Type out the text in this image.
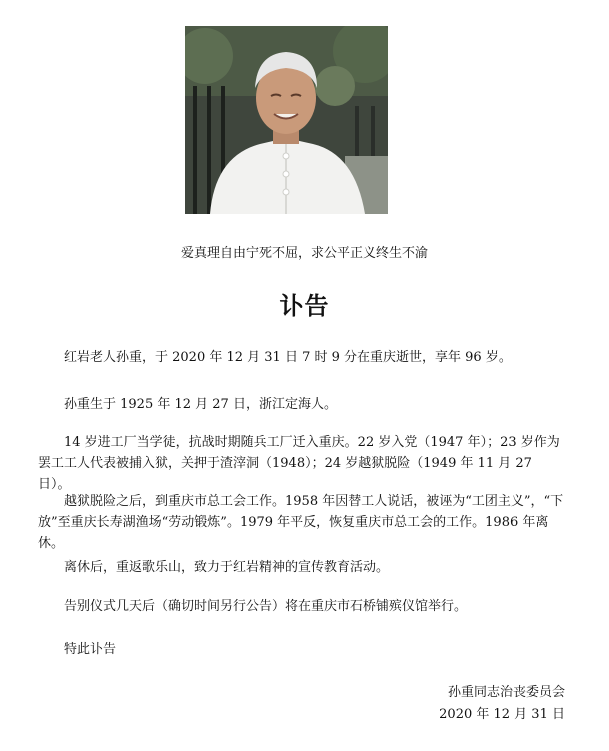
爱真理自由宁死不屈，求公平正义终生不渝
讣告

红岩老人孙重，于 2020 年 12 月 31 日 7 时 9 分在重庆逝世，享年 96 岁。

孙重生于 1925 年 12 月 27 日，浙江定海人。

14 岁进工厂当学徒，抗战时期随兵工厂迁入重庆。22 岁入党（1947 年）；23 岁作为罢工工人代表被捕入狱，关押于渣滓洞（1948）；24 岁越狱脱险（1949 年 11 月 27 日）。

越狱脱险之后，到重庆市总工会工作。1958 年因替工人说话，被诬为“工团主义”，“下放”至重庆长寿湖渔场“劳动锻炼”。1979 年平反，恢复重庆市总工会的工作。1986 年离休。

离休后，重返歌乐山，致力于红岩精神的宣传教育活动。

告别仪式几天后（确切时间另行公告）将在重庆市石桥铺殡仪馆举行。

特此讣告

孙重同志治丧委员会
2020 年 12 月 31 日
